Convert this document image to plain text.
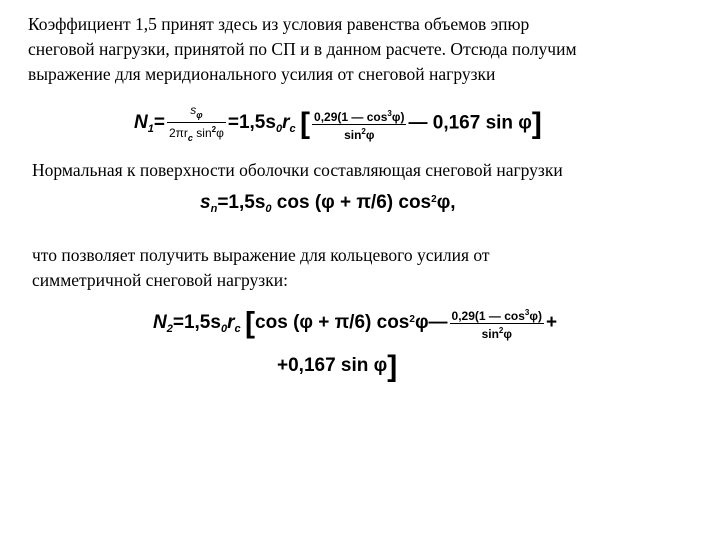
Коэффициент 1,5 принят здесь из условия равенства объемов эпюр
снеговой нагрузки, принятой по СП и в данном расчете. Отсюда получим
выражение для меридионального усилия от снеговой нагрузки
$N_1= \frac{s_\varphi}{2\pi r_c \sin^2\varphi} =1,5s_0r_c$ [ $\frac{0,29(1 — \cos^3\varphi)}{\sin^2\varphi}$ — 0,167 sin φ]
Нормальная к поверхности оболочки составляющая снеговой нагрузки
$s_n=1,5s_0$ cos (φ + π/6) $\cos^2\varphi$,
что позволяет получить выражение для кольцевого усилия от
симметричной снеговой нагрузки:
$N_2=1,5s_0r_c$ [cos (φ + π/6) $\cos^2\varphi— \frac{0,29(1 — \cos^3\varphi)}{\sin^2\varphi}$ +
+0,167 sin φ]
